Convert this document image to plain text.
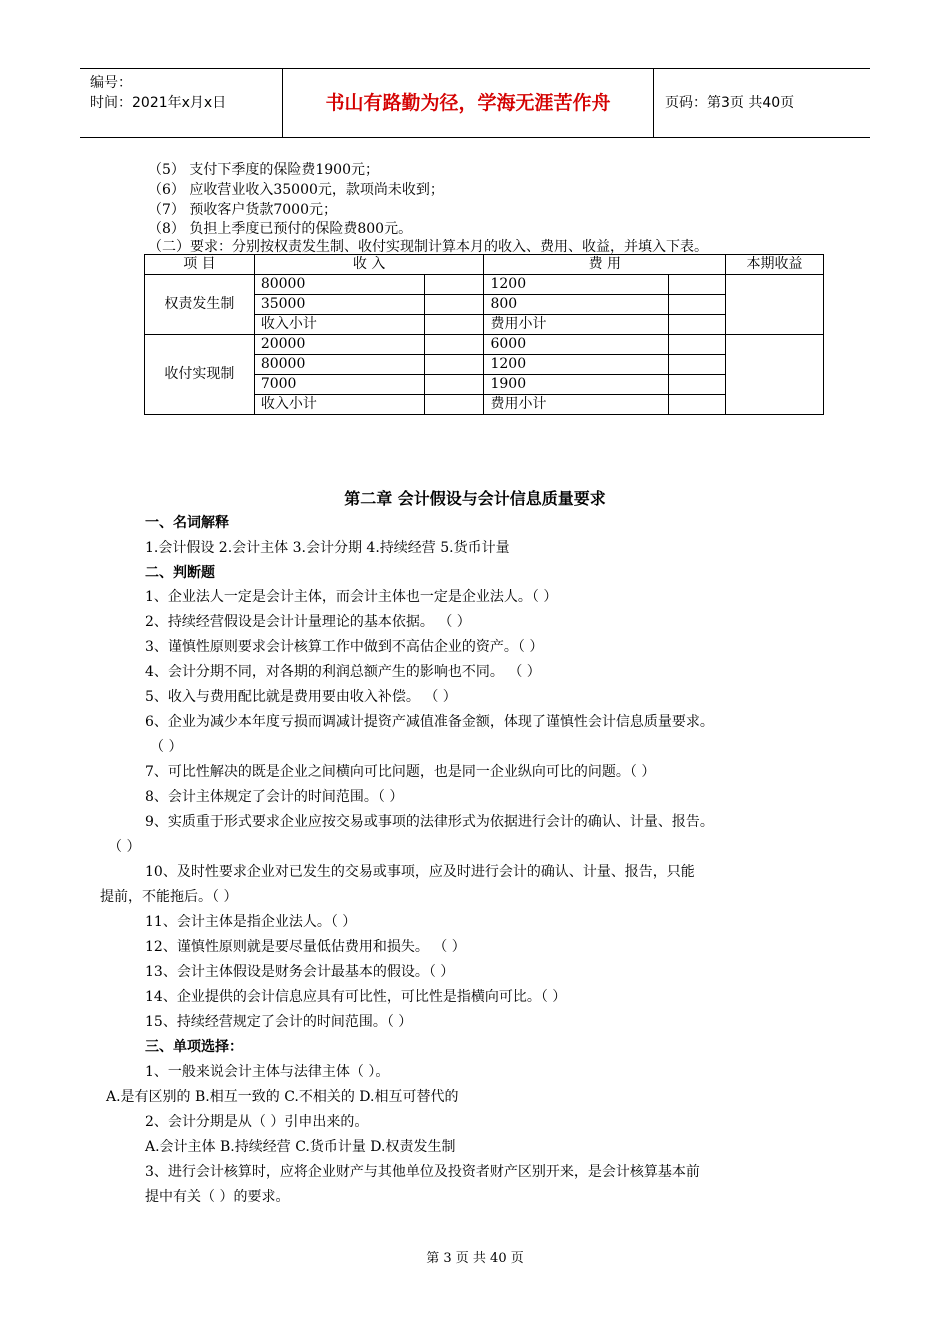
编号：
时间：2021年x月x日	书山有路勤为径，学海无涯苦作舟	页码：第3页 共40页
（5） 支付下季度的保险费1900元；
（6） 应收营业收入35000元，款项尚未收到；
（7） 预收客户货款7000元；
（8） 负担上季度已预付的保险费800元。
（二）要求：分别按权责发生制、收付实现制计算本月的收入、费用、收益，并填入下表。
项 目	收 入		费 用		本期收益
权责发生制	80000		1200		
	35000		800		
	收入小计		费用小计		
收付实现制	20000		6000		
	80000		1200		
	7000		1900		
	收入小计		费用小计		
第二章 会计假设与会计信息质量要求
一、名词解释
1.会计假设 2.会计主体 3.会计分期 4.持续经营 5.货币计量
二、判断题
1、企业法人一定是会计主体，而会计主体也一定是企业法人。（ ）
2、持续经营假设是会计计量理论的基本依据。 （ ）
3、谨慎性原则要求会计核算工作中做到不高估企业的资产。（ ）
4、会计分期不同，对各期的利润总额产生的影响也不同。 （ ）
5、收入与费用配比就是费用要由收入补偿。 （ ）
6、企业为减少本年度亏损而调减计提资产减值准备金额，体现了谨慎性会计信息质量要求。
（ ）
7、可比性解决的既是企业之间横向可比问题，也是同一企业纵向可比的问题。（ ）
8、会计主体规定了会计的时间范围。（ ）
9、实质重于形式要求企业应按交易或事项的法律形式为依据进行会计的确认、计量、报告。
（ ）
10、及时性要求企业对已发生的交易或事项，应及时进行会计的确认、计量、报告，只能
提前，不能拖后。（ ）
11、会计主体是指企业法人。（ ）
12、谨慎性原则就是要尽量低估费用和损失。 （ ）
13、会计主体假设是财务会计最基本的假设。（ ）
14、企业提供的会计信息应具有可比性，可比性是指横向可比。（ ）
15、持续经营规定了会计的时间范围。（ ）
三、单项选择：
1、一般来说会计主体与法律主体（ ）。
A.是有区别的 B.相互一致的 C.不相关的 D.相互可替代的
2、会计分期是从（ ）引申出来的。
A.会计主体 B.持续经营 C.货币计量 D.权责发生制
3、进行会计核算时，应将企业财产与其他单位及投资者财产区别开来，是会计核算基本前
提中有关（ ）的要求。
第 3 页 共 40 页
